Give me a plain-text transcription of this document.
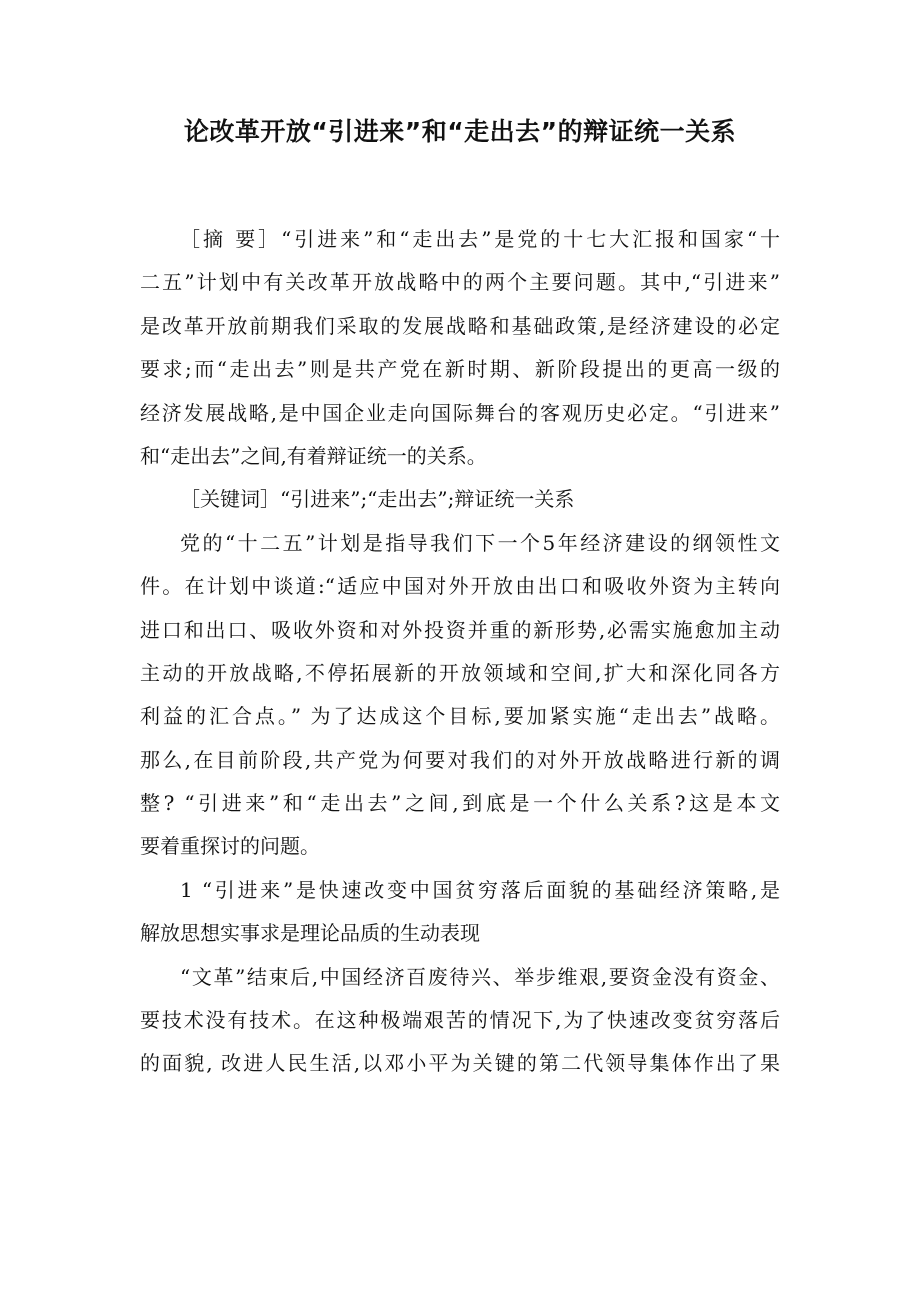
论改革开放“引进来”和“走出去”的辩证统一关系
［摘 要］“引进来”和“走出去”是党的十七大汇报和国家“十
二五”计划中有关改革开放战略中的两个主要问题。其中,“引进来”
是改革开放前期我们采取的发展战略和基础政策,是经济建设的必定
要求;而“走出去”则是共产党在新时期、新阶段提出的更高一级的
经济发展战略,是中国企业走向国际舞台的客观历史必定。“引进来”
和“走出去”之间,有着辩证统一的关系。
［关键词］“引进来”;“走出去”;辩证统一关系
党的“十二五”计划是指导我们下一个5年经济建设的纲领性文
件。在计划中谈道:“适应中国对外开放由出口和吸收外资为主转向
进口和出口、吸收外资和对外投资并重的新形势,必需实施愈加主动
主动的开放战略,不停拓展新的开放领域和空间,扩大和深化同各方
利益的汇合点。” 为了达成这个目标,要加紧实施“走出去”战略。
那么,在目前阶段,共产党为何要对我们的对外开放战略进行新的调
整? “引进来”和“走出去”之间,到底是一个什么关系?这是本文
要着重探讨的问题。
1 “引进来”是快速改变中国贫穷落后面貌的基础经济策略,是
解放思想实事求是理论品质的生动表现
“文革”结束后,中国经济百废待兴、举步维艰,要资金没有资金、
要技术没有技术。在这种极端艰苦的情况下,为了快速改变贫穷落后
的面貌, 改进人民生活,以邓小平为关键的第二代领导集体作出了果
